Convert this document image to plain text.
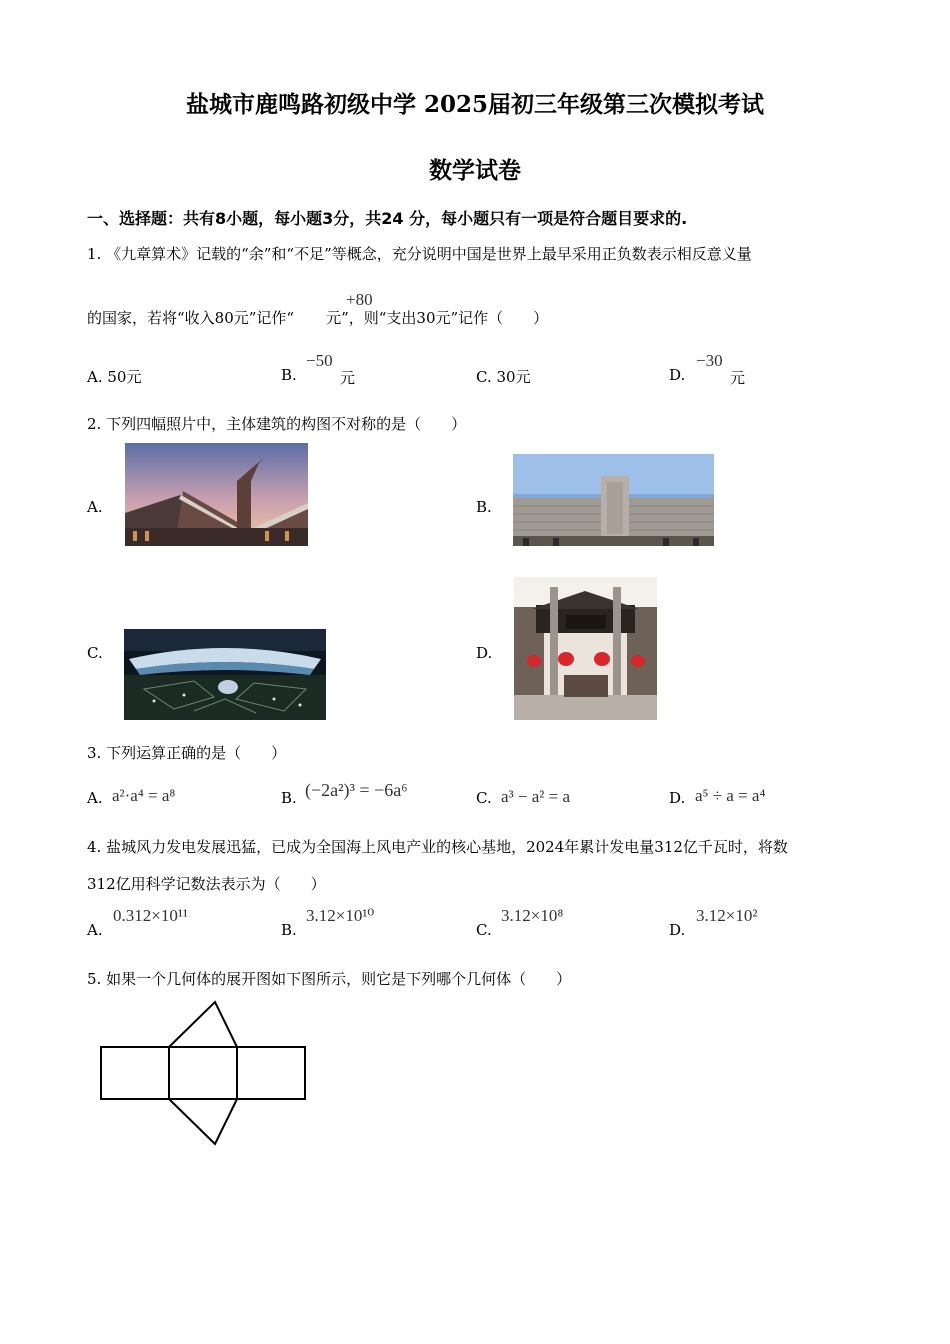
盐城市鹿鸣路初级中学 2025届初三年级第三次模拟考试
数学试卷
一、选择题：共有8小题，每小题3分，共24 分，每小题只有一项是符合题目要求的.
1. 《九章算术》记载的“余”和“不足”等概念，充分说明中国是世界上最早采用正负数表示相反意义量
的国家，若将“收入80元”记作“ 元”，则“支出30元”记作（　　）
+80
A. 50元	B.
−50
元	C. 30元	D.
−30
元
2. 下列四幅照片中，主体建筑的构图不对称的是（　　）
A.	B.
C.	D.
3. 下列运算正确的是（　　）
A. a²·a⁴ = a⁸	B. (−2a²)³ = −6a⁶	C. a³ − a² = a	D. a⁵ ÷ a = a⁴
4. 盐城风力发电发展迅猛，已成为全国海上风电产业的核心基地，2024年累计发电量312亿千瓦时，将数
312亿用科学记数法表示为（　　）
A.
0.312×10¹¹
B.
3.12×10¹⁰
C.
3.12×10⁸
D.
3.12×10²
5. 如果一个几何体的展开图如下图所示，则它是下列哪个几何体（　　）
